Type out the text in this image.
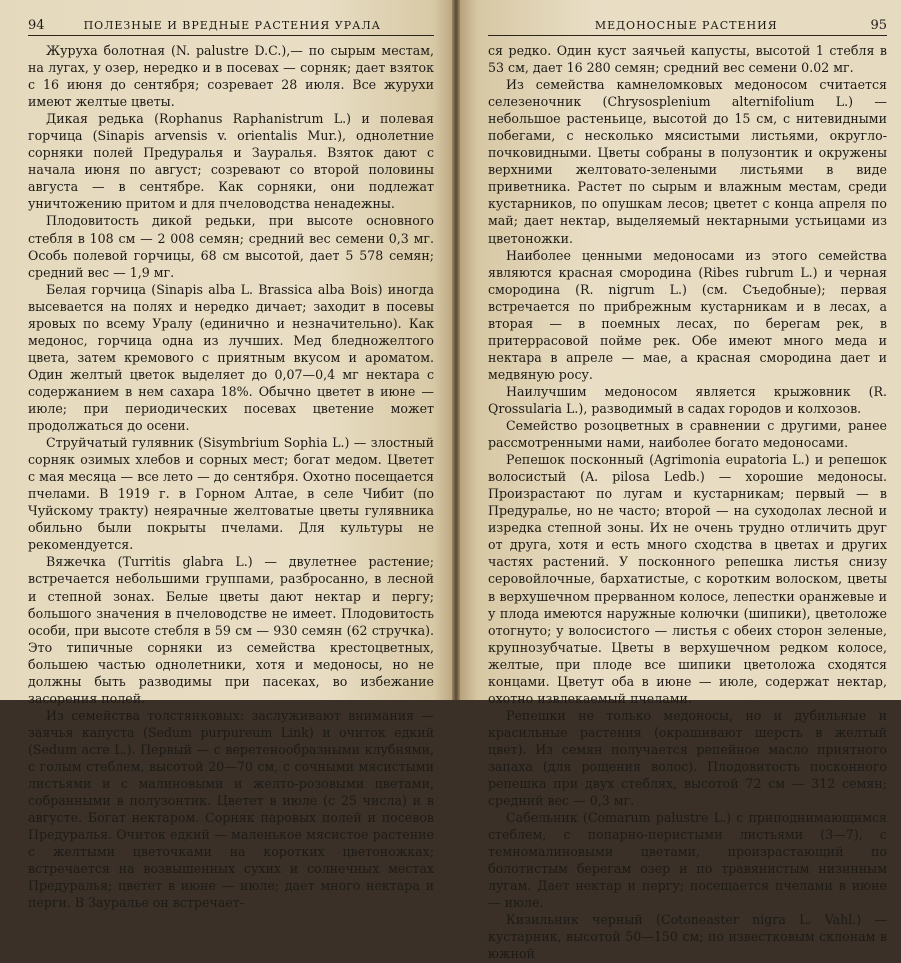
94	ПОЛЕЗНЫЕ И ВРЕДНЫЕ РАСТЕНИЯ УРАЛА

Журуха болотная (N. palustre D.C.),— по сырым местам, на лугах, у озер, нередко и в посевах — сорняк; дает взяток с 16 июня до сентября; созревает 28 июля. Все журухи имеют желтые цветы.

Дикая редька (Rophanus Raphanistrum L.) и полевая горчица (Sinapis arvensis v. orientalis Mur.), однолетние сорняки полей Предуралья и Зауралья. Взяток дают с начала июня по август; созревают со второй половины августа — в сентябре. Как сорняки, они подлежат уничтожению притом и для пчеловодства ненадежны.

Плодовитость дикой редьки, при высоте основного стебля в 108 см — 2 008 семян; средний вес семени 0,3 мг. Особь полевой горчицы, 68 см высотой, дает 5 578 семян; средний вес — 1,9 мг.

Белая горчица (Sinapis alba L. Brassica alba Bois) иногда высевается на полях и нередко дичает; заходит в посевы яровых по всему Уралу (единично и незначительно). Как медонос, горчица одна из лучших. Мед бледножелтого цвета, затем кремового с приятным вкусом и ароматом. Один желтый цветок выделяет до 0,07—0,4 мг нектара с содержанием в нем сахара 18%. Обычно цветет в июне — июле; при периодических посевах цветение может продолжаться до осени.

Струйчатый гулявник (Sisymbrium Sophia L.) — злостный сорняк озимых хлебов и сорных мест; богат медом. Цветет с мая месяца — все лето — до сентября. Охотно посещается пчелами. В 1919 г. в Горном Алтае, в селе Чибит (по Чуйскому тракту) неярачные желтоватые цветы гулявника обильно были покрыты пчелами. Для культуры не рекомендуется.

Вяжечка (Turritis glabra L.) — двулетнее растение; встречается небольшими группами, разбросанно, в лесной и степной зонах. Белые цветы дают нектар и пергу; большого значения в пчеловодстве не имеет. Плодовитость особи, при высоте стебля в 59 см — 930 семян (62 стручка). Это типичные сорняки из семейства крестоцветных, большею частью однолетники, хотя и медоносы, но не должны быть разводимы при пасеках, во избежание засорения полей.

Из семейства толстянковых: заслуживают внимания — заячья капуста (Sedum purpureum Link) и очиток едкий (Sedum acre L.). Первый — с веретенообразными клубнями, с голым стеблем, высотой 20—70 см, с сочными мясистыми листьями и с малиновыми и желто-розовыми цветами, собранными в полузонтик. Цветет в июле (с 25 числа) и в августе. Богат нектаром. Сорняк паровых полей и посевов Предуралья. Очиток едкий — маленькое мясистое растение с желтыми цветочками на коротких цветоножках; встречается на возвышенных сухих и солнечных местах Предуралья; цветет в июне — июле; дает много нектара и перги. В Зауралье он встречает-

МЕДОНОСНЫЕ РАСТЕНИЯ	95

ся редко. Один куст заячьей капусты, высотой 1 стебля в 53 см, дает 16 280 семян; средний вес семени 0.02 мг.

Из семейства камнеломковых медоносом считается селезеночник (Chrysosplenium alternifolium L.) — небольшое растеньице, высотой до 15 см, с нитевидными побегами, с несколько мясистыми листьями, округло-почковидными. Цветы собраны в полузонтик и окружены верхними желтовато-зелеными листьями в виде приветника. Растет по сырым и влажным местам, среди кустарников, по опушкам лесов; цветет с конца апреля по май; дает нектар, выделяемый нектарными устьицами из цветоножки.

Наиболее ценными медоносами из этого семейства являются красная смородина (Ribes rubrum L.) и черная смородина (R. nigrum L.) (см. Съедобные); первая встречается по прибрежным кустарникам и в лесах, а вторая — в поемных лесах, по берегам рек, в притеррасовой пойме рек. Обе имеют много меда и нектара в апреле — мае, а красная смородина дает и медвяную росу.

Наилучшим медоносом является крыжовник (R. Qrossularia L.), разводимый в садах городов и колхозов.

Семейство розоцветных в сравнении с другими, ранее рассмотренными нами, наиболее богато медоносами.

Репешок посконный (Agrimonia eupatoria L.) и репешок волосистый (A. pilosa Ledb.) — хорошие медоносы. Произрастают по лугам и кустарникам; первый — в Предуралье, но не часто; второй — на суходолах лесной и изредка степной зоны. Их не очень трудно отличить друг от друга, хотя и есть много сходства в цветах и других частях растений. У посконного репешка листья снизу серовойлочные, бархатистые, с коротким волоском, цветы в верхушечном прерванном колосе, лепестки оранжевые и у плода имеются наружные колючки (шипики), цветоложе отогнуто; у волосистого — листья с обеих сторон зеленые, крупнозубчатые. Цветы в верхушечном редком колосе, желтые, при плоде все шипики цветоложа сходятся концами. Цветут оба в июне — июле, содержат нектар, охотно извлекаемый пчелами.

Репешки не только медоносы, но и дубильные и красильные растения (окрашивают шерсть в желтый цвет). Из семян получается репейное масло приятного запаха (для рощения волос). Плодовитость посконного репешка при двух стеблях, высотой 72 см — 312 семян; средний вес — 0,3 мг.

Сабельник (Comarum palustre L.) с приподнимающимся стеблем, с попарно-перистыми листьями (3—7), с темномалиновыми цветами, произрастающий по болотистым берегам озер и по травянистым низинным лугам. Дает нектар и пергу; посещается пчелами в июне — июле.

Кизильник черный (Cotoneaster nigra L. Vahl.) — кустарник, высотой 50—150 см; по известковым склонам в южной
